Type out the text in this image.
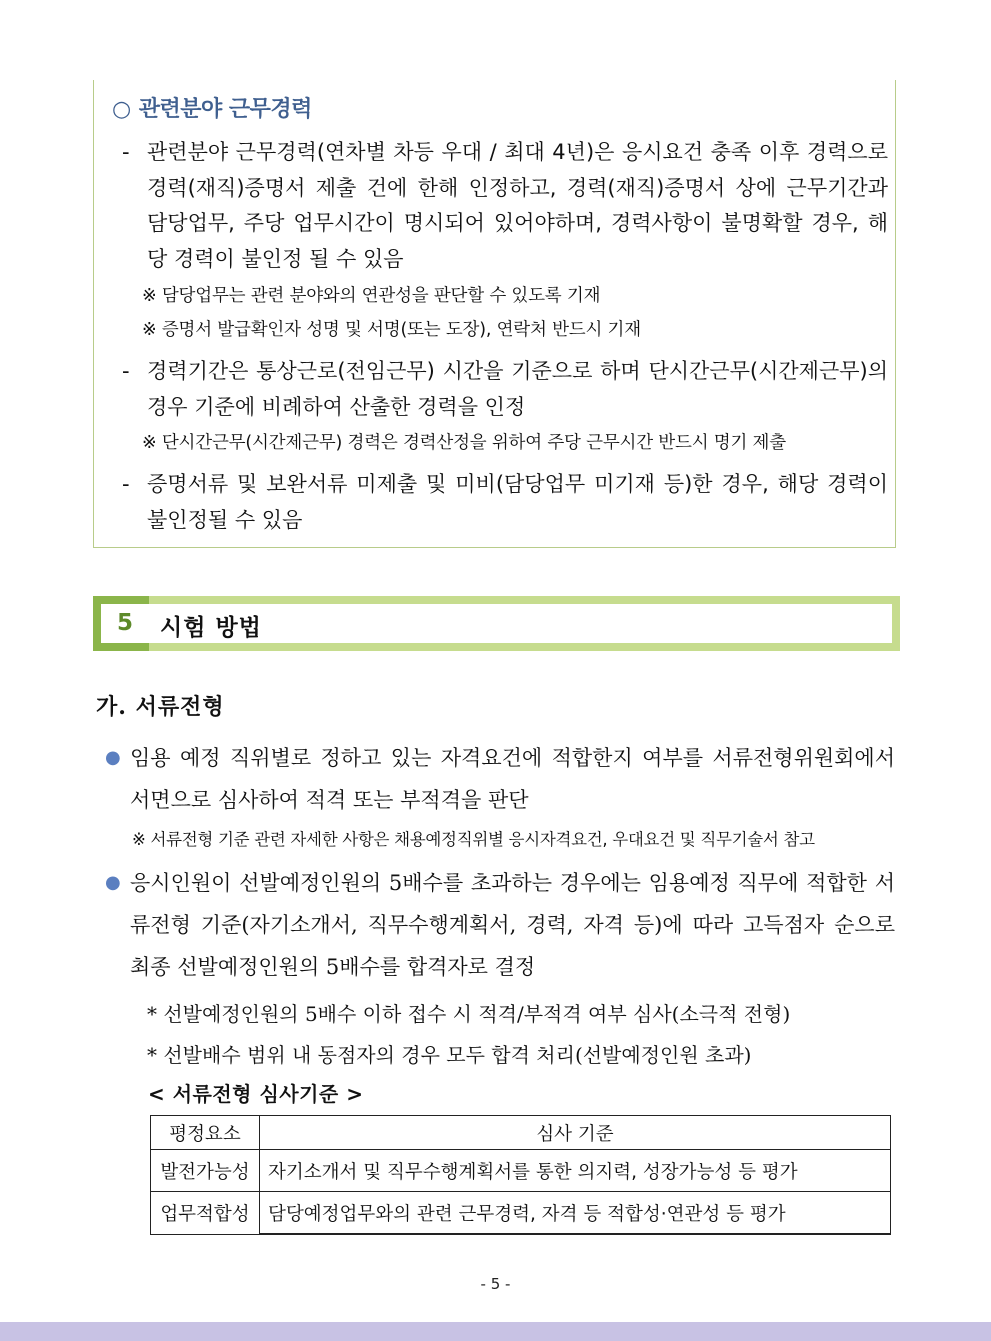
○ 관련분야 근무경력
- 관련분야 근무경력(연차별 차등 우대 / 최대 4년)은 응시요건 충족 이후 경력으로 경력(재직)증명서 제출 건에 한해 인정하고, 경력(재직)증명서 상에 근무기간과 담당업무, 주당 업무시간이 명시되어 있어야하며, 경력사항이 불명확할 경우, 해당 경력이 불인정 될 수 있음
※ 담당업무는 관련 분야와의 연관성을 판단할 수 있도록 기재
※ 증명서 발급확인자 성명 및 서명(또는 도장), 연락처 반드시 기재
- 경력기간은 통상근로(전임근무) 시간을 기준으로 하며 단시간근무(시간제근무)의 경우 기준에 비례하여 산출한 경력을 인정
※ 단시간근무(시간제근무) 경력은 경력산정을 위하여 주당 근무시간 반드시 명기 제출
- 증명서류 및 보완서류 미제출 및 미비(담당업무 미기재 등)한 경우, 해당 경력이 불인정될 수 있음
5 시험 방법
가. 서류전형
● 임용 예정 직위별로 정하고 있는 자격요건에 적합한지 여부를 서류전형위원회에서 서면으로 심사하여 적격 또는 부적격을 판단
※ 서류전형 기준 관련 자세한 사항은 채용예정직위별 응시자격요건, 우대요건 및 직무기술서 참고
● 응시인원이 선발예정인원의 5배수를 초과하는 경우에는 임용예정 직무에 적합한 서류전형 기준(자기소개서, 직무수행계획서, 경력, 자격 등)에 따라 고득점자 순으로 최종 선발예정인원의 5배수를 합격자로 결정
* 선발예정인원의 5배수 이하 접수 시 적격/부적격 여부 심사(소극적 전형)
* 선발배수 범위 내 동점자의 경우 모두 합격 처리(선발예정인원 초과)
< 서류전형 심사기준 >
평정요소	심사 기준
발전가능성	자기소개서 및 직무수행계획서를 통한 의지력, 성장가능성 등 평가
업무적합성	담당예정업무와의 관련 근무경력, 자격 등 적합성·연관성 등 평가
- 5 -
